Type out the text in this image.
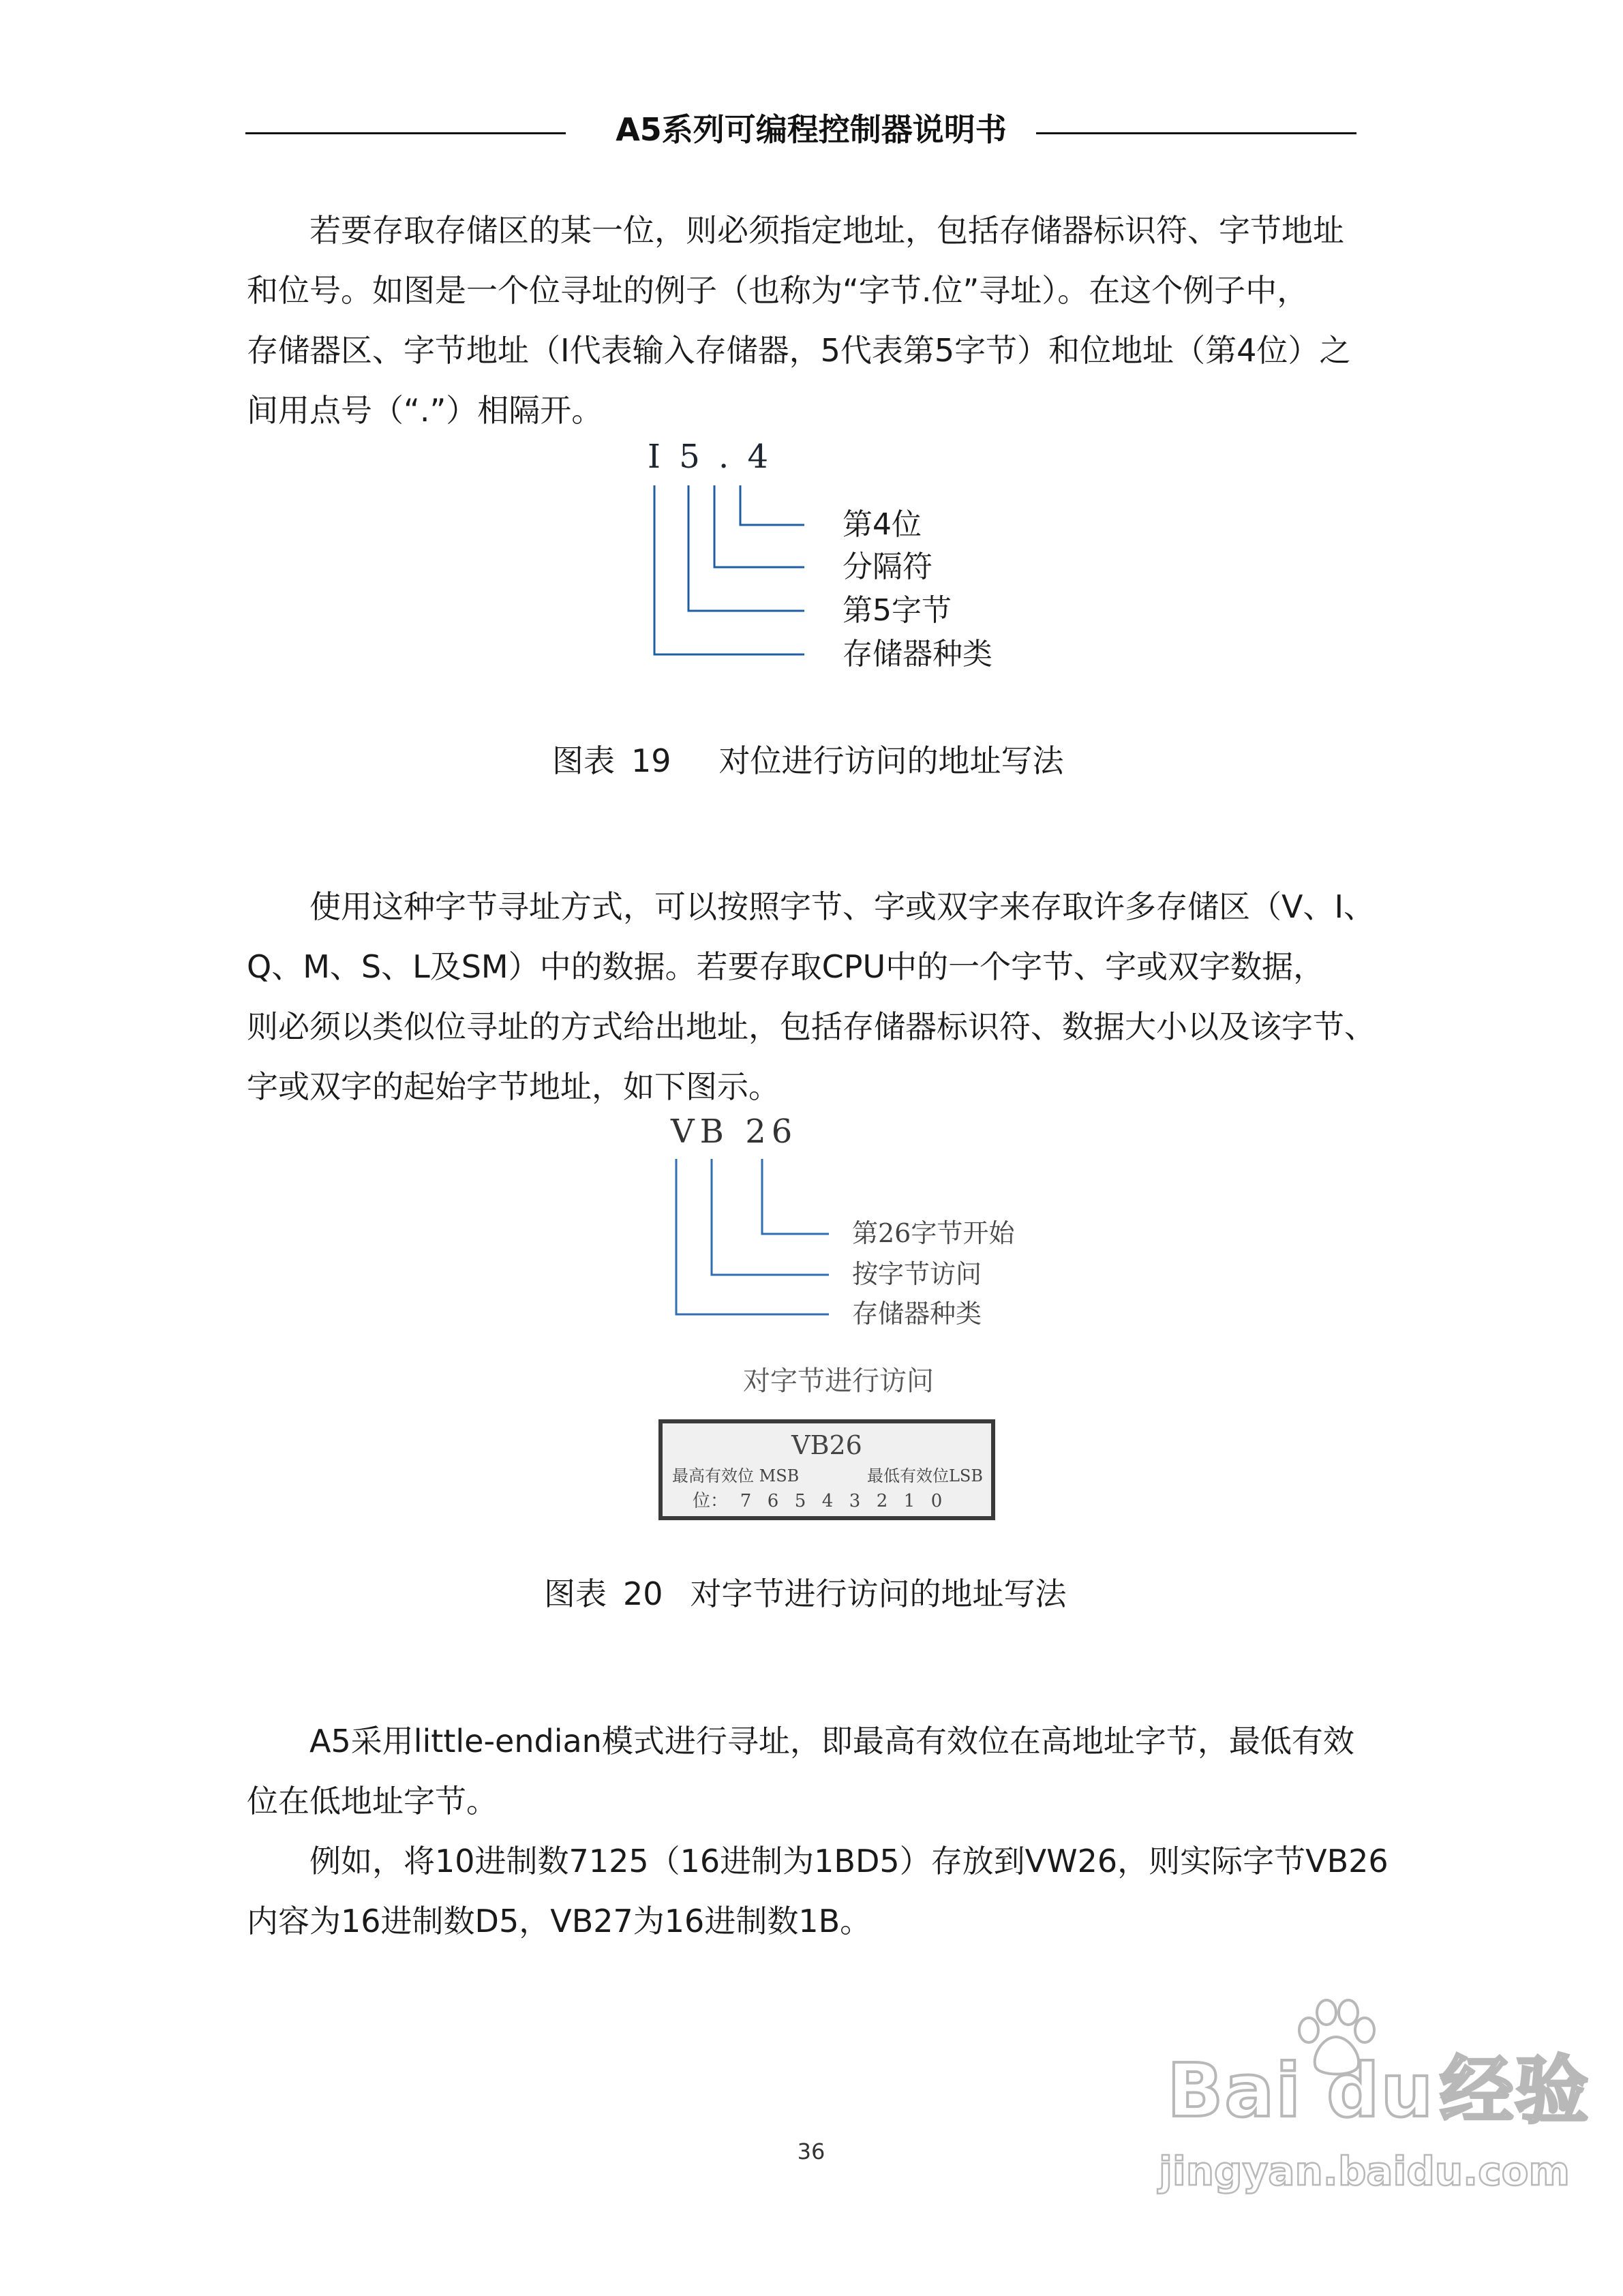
A5系列可编程控制器说明书
若要存取存储区的某一位，则必须指定地址，包括存储器标识符、字节地址
和位号。如图是一个位寻址的例子（也称为“字节.位”寻址）。在这个例子中，
存储器区、字节地址（I代表输入存储器，5代表第5字节）和位地址（第4位）之
间用点号（“.”）相隔开。
I 5 . 4
第4位
分隔符
第5字节
存储器种类
图表 19 对位进行访问的地址写法
使用这种字节寻址方式，可以按照字节、字或双字来存取许多存储区（V、I、
Q、M、S、L及SM）中的数据。若要存取CPU中的一个字节、字或双字数据，
则必须以类似位寻址的方式给出地址，包括存储器标识符、数据大小以及该字节、
字或双字的起始字节地址，如下图示。
VB 26
第26字节开始
按字节访问
存储器种类
对字节进行访问
VB26
最高有效位 MSB	最低有效位LSB
位： 7 6 5 4 3 2 1 0
图表 20 对字节进行访问的地址写法
A5采用little-endian模式进行寻址，即最高有效位在高地址字节，最低有效
位在低地址字节。
例如，将10进制数7125（16进制为1BD5）存放到VW26，则实际字节VB26
内容为16进制数D5，VB27为16进制数1B。
36
Bai du经验
jingyan.baidu.com
